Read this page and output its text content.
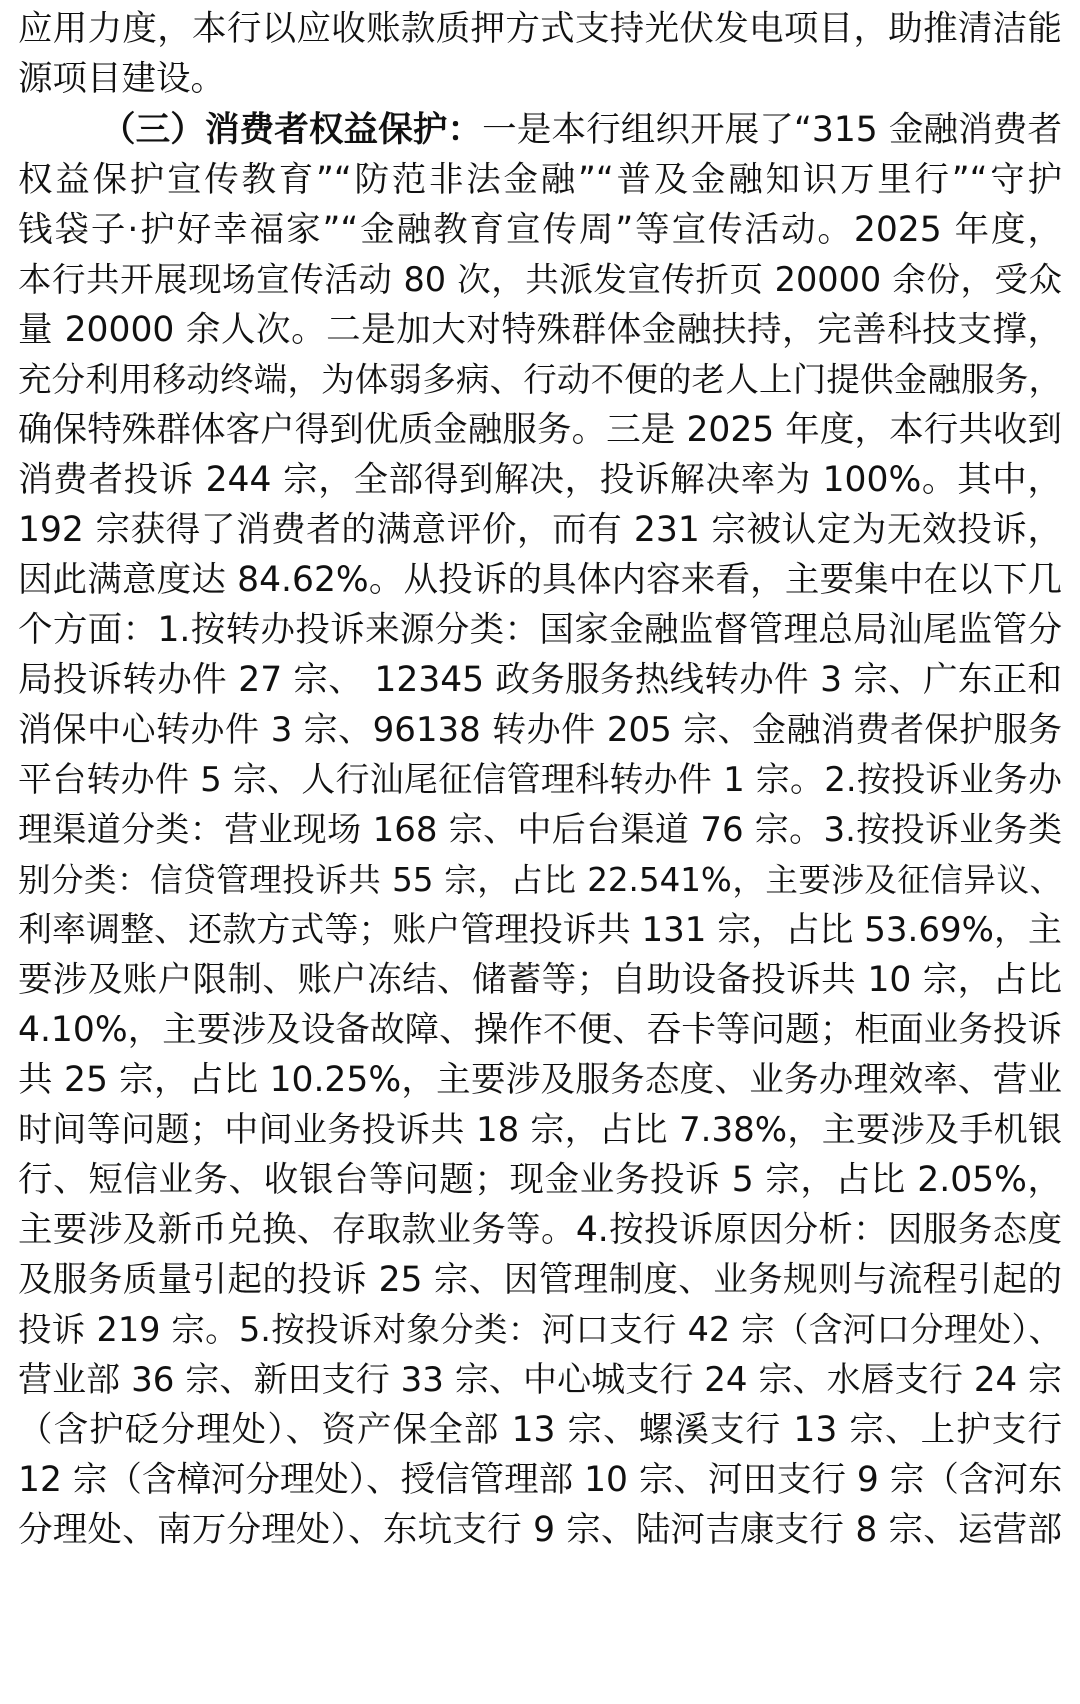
应用力度，本行以应收账款质押方式支持光伏发电项目，助推清洁能
源项目建设。
（三）消费者权益保护：一是本行组织开展了“315 金融消费者
权益保护宣传教育”“防范非法金融”“普及金融知识万里行”“守护
钱袋子·护好幸福家”“金融教育宣传周”等宣传活动。2025 年度，
本行共开展现场宣传活动 80 次，共派发宣传折页 20000 余份，受众
量 20000 余人次。二是加大对特殊群体金融扶持，完善科技支撑，
充分利用移动终端，为体弱多病、行动不便的老人上门提供金融服务，
确保特殊群体客户得到优质金融服务。三是 2025 年度，本行共收到
消费者投诉 244 宗，全部得到解决，投诉解决率为 100%。其中，
192 宗获得了消费者的满意评价，而有 231 宗被认定为无效投诉，
因此满意度达 84.62%。从投诉的具体内容来看，主要集中在以下几
个方面：1.按转办投诉来源分类：国家金融监督管理总局汕尾监管分
局投诉转办件 27 宗、 12345 政务服务热线转办件 3 宗、广东正和
消保中心转办件 3 宗、96138 转办件 205 宗、金融消费者保护服务
平台转办件 5 宗、人行汕尾征信管理科转办件 1 宗。2.按投诉业务办
理渠道分类：营业现场 168 宗、中后台渠道 76 宗。3.按投诉业务类
别分类：信贷管理投诉共 55 宗，占比 22.541%，主要涉及征信异议、
利率调整、还款方式等；账户管理投诉共 131 宗，占比 53.69%，主
要涉及账户限制、账户冻结、储蓄等；自助设备投诉共 10 宗，占比
4.10%，主要涉及设备故障、操作不便、吞卡等问题；柜面业务投诉
共 25 宗，占比 10.25%，主要涉及服务态度、业务办理效率、营业
时间等问题；中间业务投诉共 18 宗，占比 7.38%，主要涉及手机银
行、短信业务、收银台等问题；现金业务投诉 5 宗，占比 2.05%，
主要涉及新币兑换、存取款业务等。4.按投诉原因分析：因服务态度
及服务质量引起的投诉 25 宗、因管理制度、业务规则与流程引起的
投诉 219 宗。5.按投诉对象分类：河口支行 42 宗（含河口分理处）、
营业部 36 宗、新田支行 33 宗、中心城支行 24 宗、水唇支行 24 宗
（含护砭分理处）、资产保全部 13 宗、螺溪支行 13 宗、上护支行
12 宗（含樟河分理处）、授信管理部 10 宗、河田支行 9 宗（含河东
分理处、南万分理处）、东坑支行 9 宗、陆河吉康支行 8 宗、运营部
